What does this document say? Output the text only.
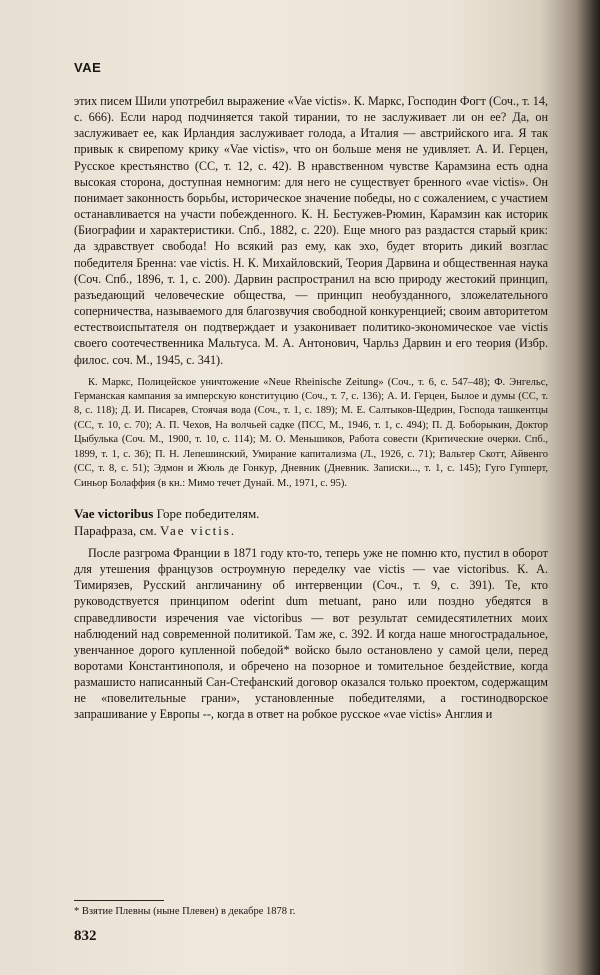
VAE

этих писем Шили употребил выражение «Vae victis». К. Маркс, Господин Фогт (Соч., т. 14, с. 666). Если народ подчиняется такой тирании, то не заслуживает ли он ее? Да, он заслуживает ее, как Ирландия заслуживает голода, а Италия — австрийского ига. Я так привык к свирепому крику «Vae victis», что он больше меня не удивляет. А. И. Герцен, Русское крестьянство (СС, т. 12, с. 42). В нравственном чувстве Карамзина есть одна высокая сторона, доступная немногим: для него не существует бренного «vae victis». Он понимает законность борьбы, историческое значение победы, но с сожалением, с участием останавливается на участи побежденного. К. Н. Бестужев-Рюмин, Карамзин как историк (Биографии и характеристики. Спб., 1882, с. 220). Еще много раз раздастся старый крик: да здравствует свобода! Но всякий раз ему, как эхо, будет вторить дикий возглас победителя Бренна: vae victis. Н. К. Михайловский, Теория Дарвина и общественная наука (Соч. Спб., 1896, т. 1, с. 200). Дарвин распространил на всю природу жестокий принцип, разъедающий человеческие общества, — принцип необузданного, зложелательного соперничества, называемого для благозвучия свободной конкуренцией; своим авторитетом естествоиспытателя он подтверждает и узаконивает политико-экономическое vae victis своего соотечественника Мальтуса. М. А. Антонович, Чарльз Дарвин и его теория (Избр. филос. соч. М., 1945, с. 341).

К. Маркс, Полицейское уничтожение «Neue Rheinische Zeitung» (Соч., т. 6, с. 547–48); Ф. Энгельс, Германская кампания за имперскую конституцию (Соч., т. 7, с. 136); А. И. Герцен, Былое и думы (СС, т. 8, с. 118); Д. И. Писарев, Стоячая вода (Соч., т. 1, с. 189); М. Е. Салтыков-Щедрин, Господа ташкентцы (СС, т. 10, с. 70); А. П. Чехов, На волчьей садке (ПСС, М., 1946, т. 1, с. 494); П. Д. Боборыкин, Доктор Цыбулька (Соч. М., 1900, т. 10, с. 114); М. О. Меньшиков, Работа совести (Критические очерки. Спб., 1899, т. 1, с. 36); П. Н. Лепешинский, Умирание капитализма (Л., 1926, с. 71); Вальтер Скотт, Айвенго (СС, т. 8, с. 51); Эдмон и Жюль де Гонкур, Дневник (Дневник. Записки..., т. 1, с. 145); Гуго Гупперт, Синьор Болаффия (в кн.: Мимо течет Дунай. М., 1971, с. 95).

Vae victoribus Горе победителям.
Парафраза, см. Vae victis.

После разгрома Франции в 1871 году кто-то, теперь уже не помню кто, пустил в оборот для утешения французов остроумную переделку vae victis — vae victoribus. К. А. Тимирязев, Русский англичанину об интервенции (Соч., т. 9, с. 391). Те, кто руководствуется принципом oderint dum metuant, рано или поздно убедятся в справедливости изречения vae victoribus — вот результат семидесятилетних моих наблюдений над современной политикой. Там же, с. 392. И когда наше многострадальное, увенчанное дорого купленной победой* войско было остановлено у самой цели, перед воротами Константинополя, и обречено на позорное и томительное бездействие, когда размашисто написанный Сан-Стефанский договор оказался только проектом, содержащим не «повелительные грани», установленные победителями, а гостинодворское запрашивание у Европы --, когда в ответ на робкое русское «vae victis» Англия и

* Взятие Плевны (ныне Плевен) в декабре 1878 г.
832
